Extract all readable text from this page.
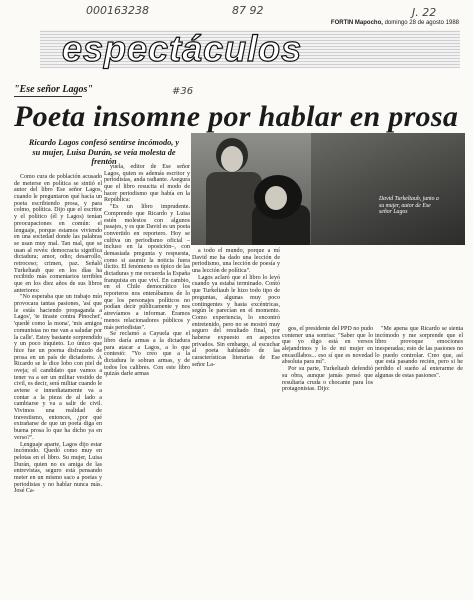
000163238	87 92	J. 22
#36
FORTIN Mapocho, domingo 28 de agosto 1988
espectáculos
"Ese señor Lagos"
Poeta insomne por hablar en prosa
Ricardo Lagos confesó sentirse incómodo, y su mujer, Luisa Durán, se veía molesta de frentón
David Turkeltaub, junto a su mujer, autor de Ese señor Lagos

Como cura de población acusado de meterse en política se sintió el autor del libro Ese señor Lagos, cuando le preguntaron qué hacía un poeta escribiendo prosa, y para colmo, política. Dijo que el escritor y el político (él y Lagos) tenían preocupaciones en común: el lenguaje, porque estamos viviendo en una sociedad donde las palabras se usan muy mal. Tan mal, que se usan al revés: democracia significa dictadura; amor, odio; desarrollo, retroceso; crimen, paz. Señaló Turkeltaub que en los días ha recibido más comentarios terribles que en los diez años de sus libros anteriores:

"No esperaba que un trabajo mío provocara tantas pasiones, 'así que le estás haciendo propaganda a Lagos', 'te tiraste contra Pinochet', 'quedé como la mona', 'mis amigos comunistas no me van a saludar por la calle'. Estoy bastante sorprendido y un poco inquieto. Lo único que hice fue un poema disfrazado de prosa en un país de dictadores. A Ricardo se le dice lobo con piel de oveja; el candidato que vamos a tener va a ser un militar vestido de civil, es decir, será militar cuando le aviene e inmediatamente va a contar a la pieza de al lado a cambiarse y va a salir de civil. Vivimos una realidad de travestismo, entonces, ¿por qué extrañarse de que un poeta diga en buena prosa lo que ha dicho ya en verso?".

Lenguaje aparte, Lagos dijo estar incómodo. Quedó como muy en pelotas en el libro. Su mujer, Luisa Durán, quien no es amiga de las entrevistas, seguro está pensando meter en un mismo saco a poetas y periodistas y no hablar nunca más. José Ca-

yuela, editor de Ese señor Lagos, quien es además escritor y periodistas, anda radiante. Asegura que el libro resucita el modo de hacer periodismo que había en la República:

"Es un libro imprudente. Comprendo que Ricardo y Luisa estén molestos con algunos pasajes, y es que David es un poeta convertido en reportero. Hoy se cultiva un periodismo oficial –incluso en la oposición–, con demasiada pregunta y respuesta, como si asumir la noticia fuera ilícito. El fenómeno es típico de las dictaduras y me recuerda la España franquista en que viví. En cambio, en el Chile democrático los reporteros nos enterábamos de lo que los personajes políticos no podían decir públicamente y nos atrevíamos a informar. Éramos menos relacionadores públicos y más periodistas".

Se reclamó a Cayuela que el libro daría armas a la dictadura para atacar a Lagos, a lo que contestó: "Yo creo que a la dictadura le sobran armas, y de todos los calibres. Con este libro quizás darle armas

a todo el mundo, porque a mí David me ha dado una lección de periodismo, una lección de poesía y una lección de política".

Lagos aclaró que el libro lo leyó cuando ya estaba terminado. Contó que Turkeltaub le hizo todo tipo de preguntas, algunas muy poco contingentes y hasta excéntricas, según le parecían en el momento. Como experiencia, lo encontró entretenido, pero no se mostró muy seguro del resultado final, por haberse expuesto en aspectos privados. Sin embargo, al escuchar al poeta hablando de las características literarias de Ese señor La-

gos, el presidente del PPD no pudo contener una sonrisa: "Saber que lo que yo digo está en versos alejandrinos y lo de mi mujer en encasillabos... eso sí que es novedad absoluta para mí".

Por su parte, Turkeltaub defendió su obra, aunque jamás pensó que resultaría cruda o chocante para los protagonistas. Dijo:

"Me apena que Ricardo se sienta incómodo y me sorprende que el libro provoque emociones inesperadas; esto de las pasiones no lo puedo controlar. Creo que, así que está pasando recién, pero si he perdido el sueño al enterarme de algunas de estas pasiones".
